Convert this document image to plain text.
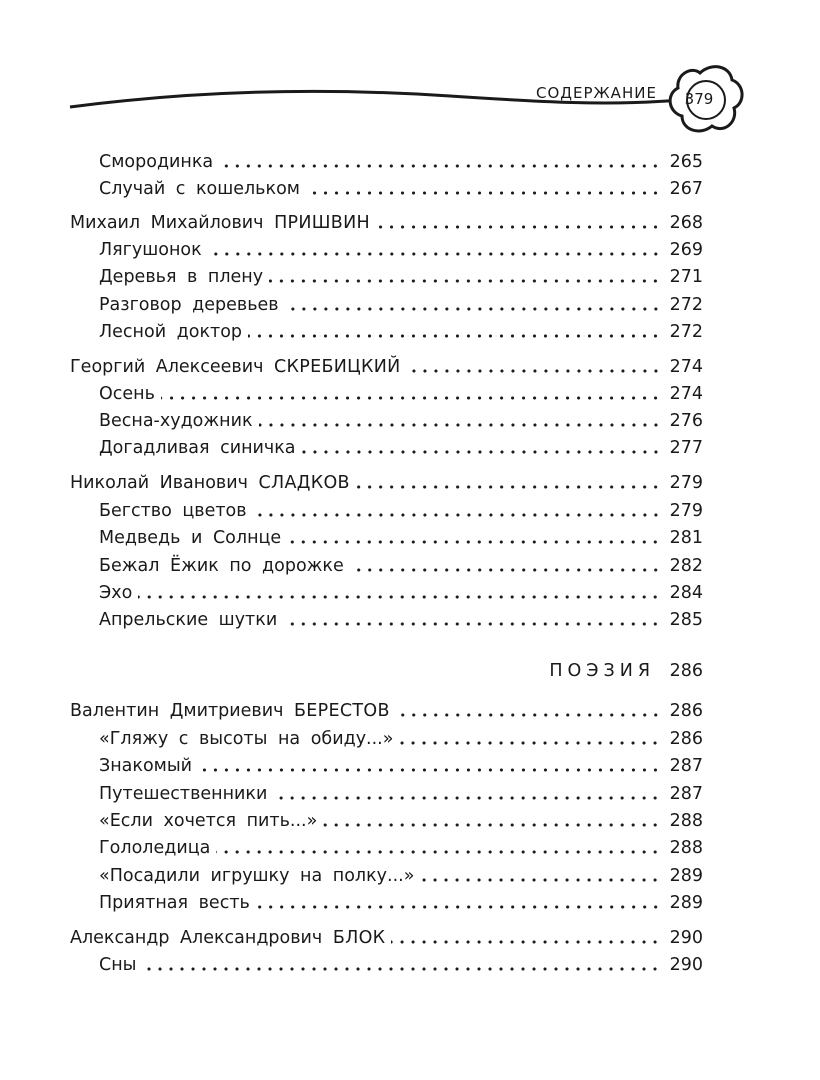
СОДЕРЖАНИЕ	379
Смородинка	265
Случай с кошельком	267
Михаил Михайлович ПРИШВИН	268
Лягушонок	269
Деревья в плену	271
Разговор деревьев	272
Лесной доктор	272
Георгий Алексеевич СКРЕБИЦКИЙ	274
Осень	274
Весна-художник	276
Догадливая синичка	277
Николай Иванович СЛАДКОВ	279
Бегство цветов	279
Медведь и Солнце	281
Бежал Ёжик по дорожке	282
Эхо	284
Апрельские шутки	285
ПОЭЗИЯ 286
Валентин Дмитриевич БЕРЕСТОВ	286
«Гляжу с высоты на обиду...»	286
Знакомый	287
Путешественники	287
«Если хочется пить...»	288
Гололедица	288
«Посадили игрушку на полку...»	289
Приятная весть	289
Александр Александрович БЛОК	290
Сны	290
